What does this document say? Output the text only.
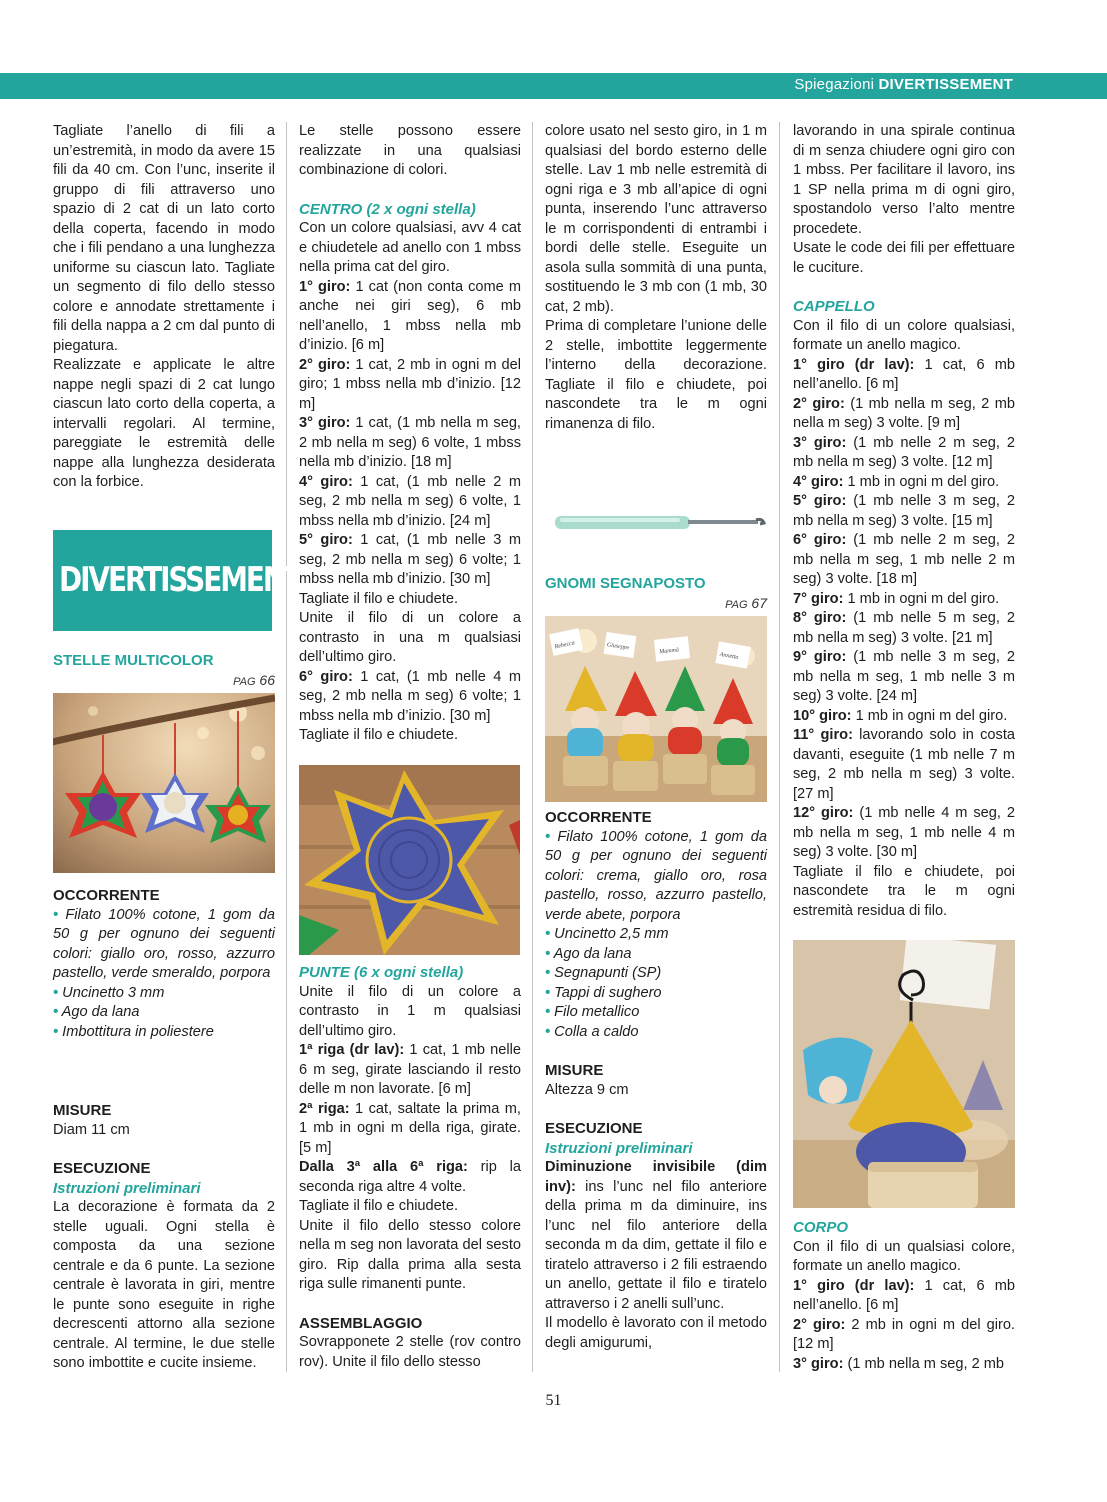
Spiegazioni DIVERTISSEMENT

Tagliate l’anello di fili a un’estremità, in modo da avere 15 fili da 40 cm. Con l’unc, inserite il gruppo di fili attraverso uno spazio di 2 cat di un lato corto della coperta, facendo in modo che i fili pendano a una lunghezza uniforme su ciascun lato. Tagliate un segmento di filo dello stesso colore e annodate strettamente i fili della nappa a 2 cm dal punto di piegatura.

Realizzate e applicate le altre nappe negli spazi di 2 cat lungo ciascun lato corto della coperta, a intervalli regolari. Al termine, pareggiate le estremità delle nappe alla lunghezza desiderata con la forbice.

DIVERTISSEMENT
STELLE MULTICOLOR
PAG 66
OCCORRENTE

• Filato 100% cotone, 1 gom da 50 g per ognuno dei seguenti colori: giallo oro, rosso, azzurro pastello, verde smeraldo, porpora

• Uncinetto 3 mm

• Ago da lana

• Imbottitura in poliestere

MISURE

Diam 11 cm

ESECUZIONE
Istruzioni preliminari

La decorazione è formata da 2 stelle uguali. Ogni stella è composta da una sezione centrale e da 6 punte. La sezione centrale è lavorata in giri, mentre le punte sono eseguite in righe decrescenti attorno alla sezione centrale. Al termine, le due stelle sono imbottite e cucite insieme.

Le stelle possono essere realizzate in una qualsiasi combinazione di colori.

CENTRO (2 x ogni stella)

Con un colore qualsiasi, avv 4 cat e chiudetele ad anello con 1 mbss nella prima cat del giro.

1° giro: 1 cat (non conta come m anche nei giri seg), 6 mb nell’anello, 1 mbss nella mb d’inizio. [6 m]

2° giro: 1 cat, 2 mb in ogni m del giro; 1 mbss nella mb d’inizio. [12 m]

3° giro: 1 cat, (1 mb nella m seg, 2 mb nella m seg) 6 volte, 1 mbss nella mb d’inizio. [18 m]

4° giro: 1 cat, (1 mb nelle 2 m seg, 2 mb nella m seg) 6 volte, 1 mbss nella mb d’inizio. [24 m]

5° giro: 1 cat, (1 mb nelle 3 m seg, 2 mb nella m seg) 6 volte; 1 mbss nella mb d’inizio. [30 m]

Tagliate il filo e chiudete.

Unite il filo di un colore a contrasto in una m qualsiasi dell’ultimo giro.

6° giro: 1 cat, (1 mb nelle 4 m seg, 2 mb nella m seg) 6 volte; 1 mbss nella mb d’inizio. [30 m]

Tagliate il filo e chiudete.

PUNTE (6 x ogni stella)

Unite il filo di un colore a contrasto in 1 m qualsiasi dell’ultimo giro.

1ª riga (dr lav): 1 cat, 1 mb nelle 6 m seg, girate lasciando il resto delle m non lavorate. [6 m]

2ª riga: 1 cat, saltate la prima m, 1 mb in ogni m della riga, girate. [5 m]

Dalla 3ª alla 6ª riga: rip la seconda riga altre 4 volte.

Tagliate il filo e chiudete.

Unite il filo dello stesso colore nella m seg non lavorata del sesto giro. Rip dalla prima alla sesta riga sulle rimanenti punte.

ASSEMBLAGGIO

Sovrapponete 2 stelle (rov contro rov). Unite il filo dello stesso

colore usato nel sesto giro, in 1 m qualsiasi del bordo esterno delle stelle. Lav 1 mb nelle estremità di ogni riga e 3 mb all’apice di ogni punta, inserendo l’unc attraverso le m corrispondenti di entrambi i bordi delle stelle. Eseguite un asola sulla sommità di una punta, sostituendo le 3 mb con (1 mb, 30 cat, 2 mb).

Prima di completare l’unione delle 2 stelle, imbottite leggermente l’interno della decorazione. Tagliate il filo e chiudete, poi nascondete tra le m ogni rimanenza di filo.

GNOMI SEGNAPOSTO
PAG 67
Rebecca	Giuseppe
Mammà
Annetta
OCCORRENTE

• Filato 100% cotone, 1 gom da 50 g per ognuno dei seguenti colori: crema, giallo oro, rosa pastello, rosso, azzurro pastello, verde abete, porpora

• Uncinetto 2,5 mm

• Ago da lana

• Segnapunti (SP)

• Tappi di sughero

• Filo metallico

• Colla a caldo

MISURE

Altezza 9 cm

ESECUZIONE
Istruzioni preliminari

Diminuzione invisibile (dim inv): ins l’unc nel filo anteriore della prima m da diminuire, ins l’unc nel filo anteriore della seconda m da dim, gettate il filo e tiratelo attraverso i 2 fili estraendo un anello, gettate il filo e tiratelo attraverso i 2 anelli sull’unc.

Il modello è lavorato con il metodo degli amigurumi,

lavorando in una spirale continua di m senza chiudere ogni giro con 1 mbss. Per facilitare il lavoro, ins 1 SP nella prima m di ogni giro, spostandolo verso l’alto mentre procedete.

Usate le code dei fili per effettuare le cuciture.

CAPPELLO

Con il filo di un colore qualsiasi, formate un anello magico.

1° giro (dr lav): 1 cat, 6 mb nell’anello. [6 m]

2° giro: (1 mb nella m seg, 2 mb nella m seg) 3 volte. [9 m]

3° giro: (1 mb nelle 2 m seg, 2 mb nella m seg) 3 volte. [12 m]

4° giro: 1 mb in ogni m del giro.

5° giro: (1 mb nelle 3 m seg, 2 mb nella m seg) 3 volte. [15 m]

6° giro: (1 mb nelle 2 m seg, 2 mb nella m seg, 1 mb nelle 2 m seg) 3 volte. [18 m]

7° giro: 1 mb in ogni m del giro.

8° giro: (1 mb nelle 5 m seg, 2 mb nella m seg) 3 volte. [21 m]

9° giro: (1 mb nelle 3 m seg, 2 mb nella m seg, 1 mb nelle 3 m seg) 3 volte. [24 m]

10° giro: 1 mb in ogni m del giro.

11° giro: lavorando solo in costa davanti, eseguite (1 mb nelle 7 m seg, 2 mb nella m seg) 3 volte. [27 m]

12° giro: (1 mb nelle 4 m seg, 2 mb nella m seg, 1 mb nelle 4 m seg) 3 volte. [30 m]

Tagliate il filo e chiudete, poi nascondete tra le m ogni estremità residua di filo.

CORPO

Con il filo di un qualsiasi colore, formate un anello magico.

1° giro (dr lav): 1 cat, 6 mb nell’anello. [6 m]

2° giro: 2 mb in ogni m del giro. [12 m]

3° giro: (1 mb nella m seg, 2 mb

51
